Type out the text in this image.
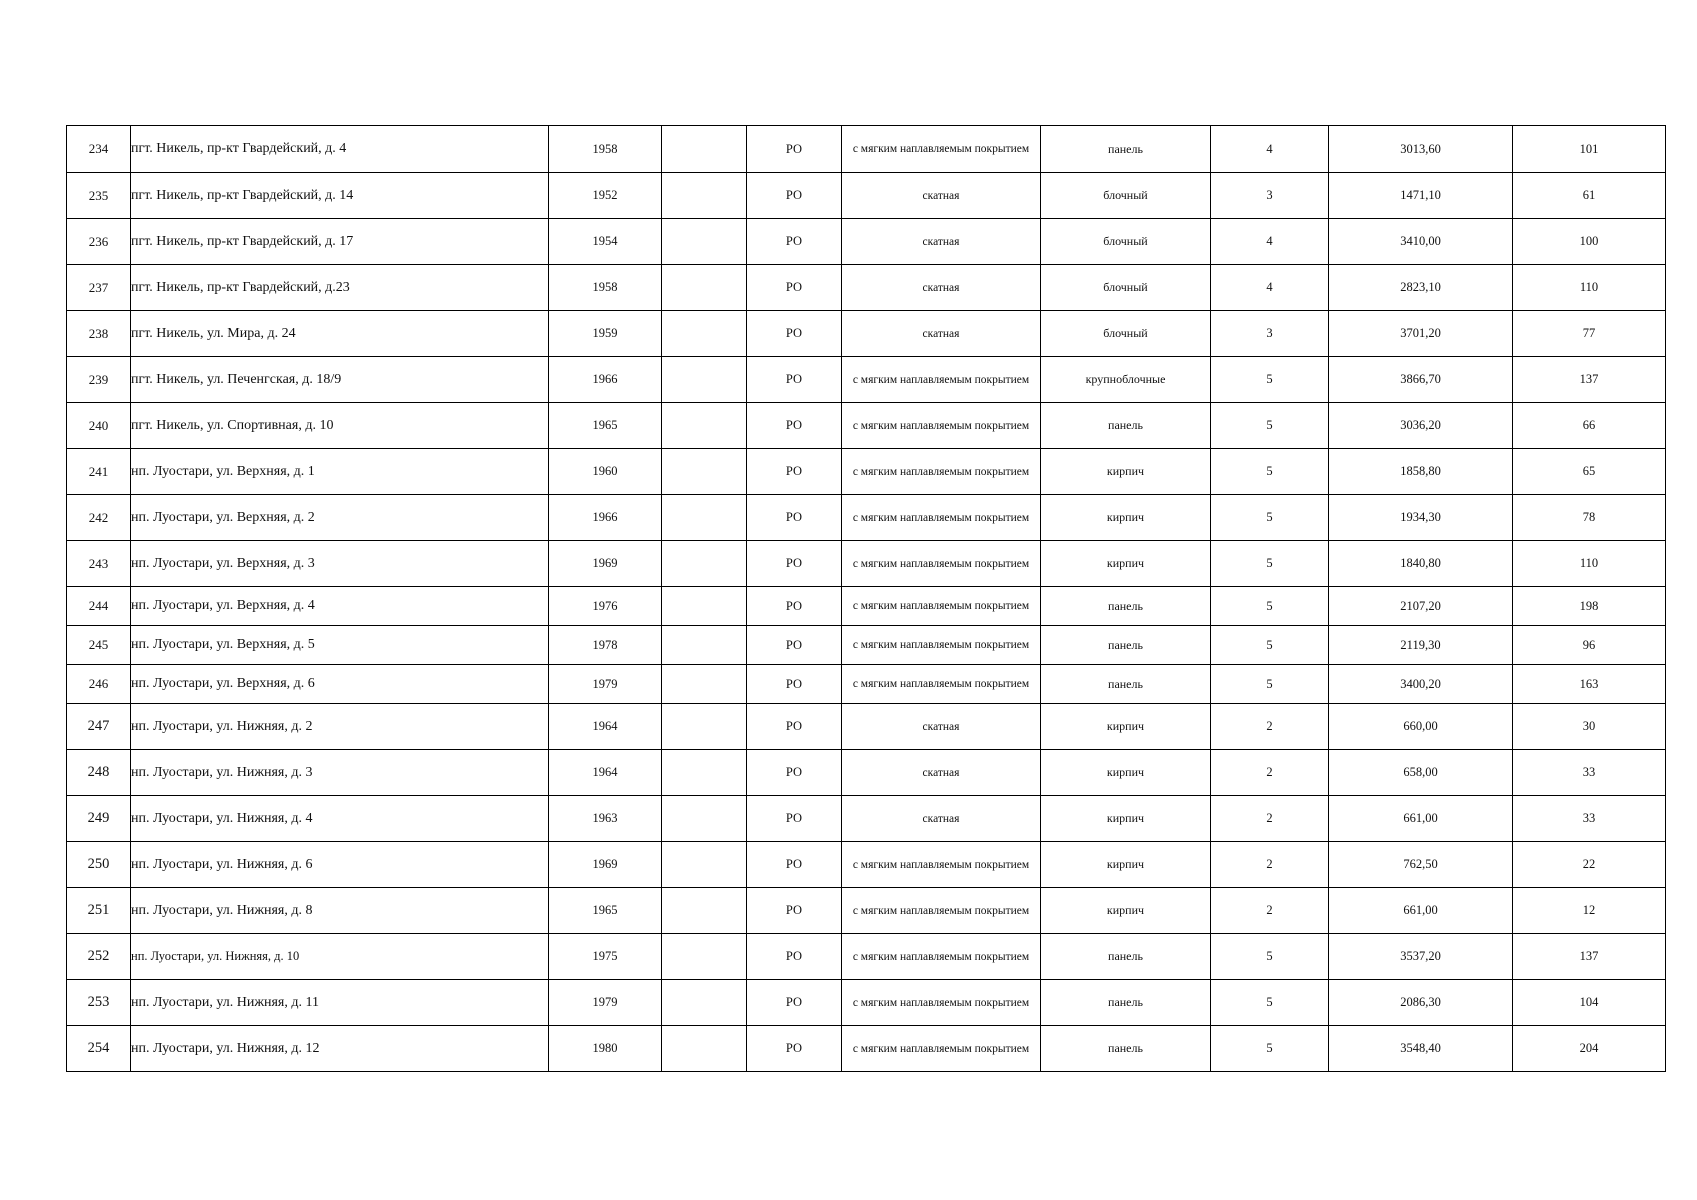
234	пгт. Никель, пр-кт Гвардейский, д. 4	1958		РО	с мягким наплавляемым покрытием	панель	4	3013,60	101
235	пгт. Никель, пр-кт Гвардейский, д. 14	1952		РО	скатная	блочный	3	1471,10	61
236	пгт. Никель, пр-кт Гвардейский, д. 17	1954		РО	скатная	блочный	4	3410,00	100
237	пгт. Никель, пр-кт Гвардейский, д.23	1958		РО	скатная	блочный	4	2823,10	110
238	пгт. Никель, ул. Мира, д. 24	1959		РО	скатная	блочный	3	3701,20	77
239	пгт. Никель, ул. Печенгская, д. 18/9	1966		РО	с мягким наплавляемым покрытием	крупноблочные	5	3866,70	137
240	пгт. Никель, ул. Спортивная, д. 10	1965		РО	с мягким наплавляемым покрытием	панель	5	3036,20	66
241	нп. Луостари, ул. Верхняя, д. 1	1960		РО	с мягким наплавляемым покрытием	кирпич	5	1858,80	65
242	нп. Луостари, ул. Верхняя, д. 2	1966		РО	с мягким наплавляемым покрытием	кирпич	5	1934,30	78
243	нп. Луостари, ул. Верхняя, д. 3	1969		РО	с мягким наплавляемым покрытием	кирпич	5	1840,80	110
244	нп. Луостари, ул. Верхняя, д. 4	1976		РО	с мягким наплавляемым покрытием	панель	5	2107,20	198
245	нп. Луостари, ул. Верхняя, д. 5	1978		РО	с мягким наплавляемым покрытием	панель	5	2119,30	96
246	нп. Луостари, ул. Верхняя, д. 6	1979		РО	с мягким наплавляемым покрытием	панель	5	3400,20	163
247	нп. Луостари, ул. Нижняя, д. 2	1964		РО	скатная	кирпич	2	660,00	30
248	нп. Луостари, ул. Нижняя, д. 3	1964		РО	скатная	кирпич	2	658,00	33
249	нп. Луостари, ул. Нижняя, д. 4	1963		РО	скатная	кирпич	2	661,00	33
250	нп. Луостари, ул. Нижняя, д. 6	1969		РО	с мягким наплавляемым покрытием	кирпич	2	762,50	22
251	нп. Луостари, ул. Нижняя, д. 8	1965		РО	с мягким наплавляемым покрытием	кирпич	2	661,00	12
252	нп. Луостари, ул. Нижняя, д. 10	1975		РО	с мягким наплавляемым покрытием	панель	5	3537,20	137
253	нп. Луостари, ул. Нижняя, д. 11	1979		РО	с мягким наплавляемым покрытием	панель	5	2086,30	104
254	нп. Луостари, ул. Нижняя, д. 12	1980		РО	с мягким наплавляемым покрытием	панель	5	3548,40	204
